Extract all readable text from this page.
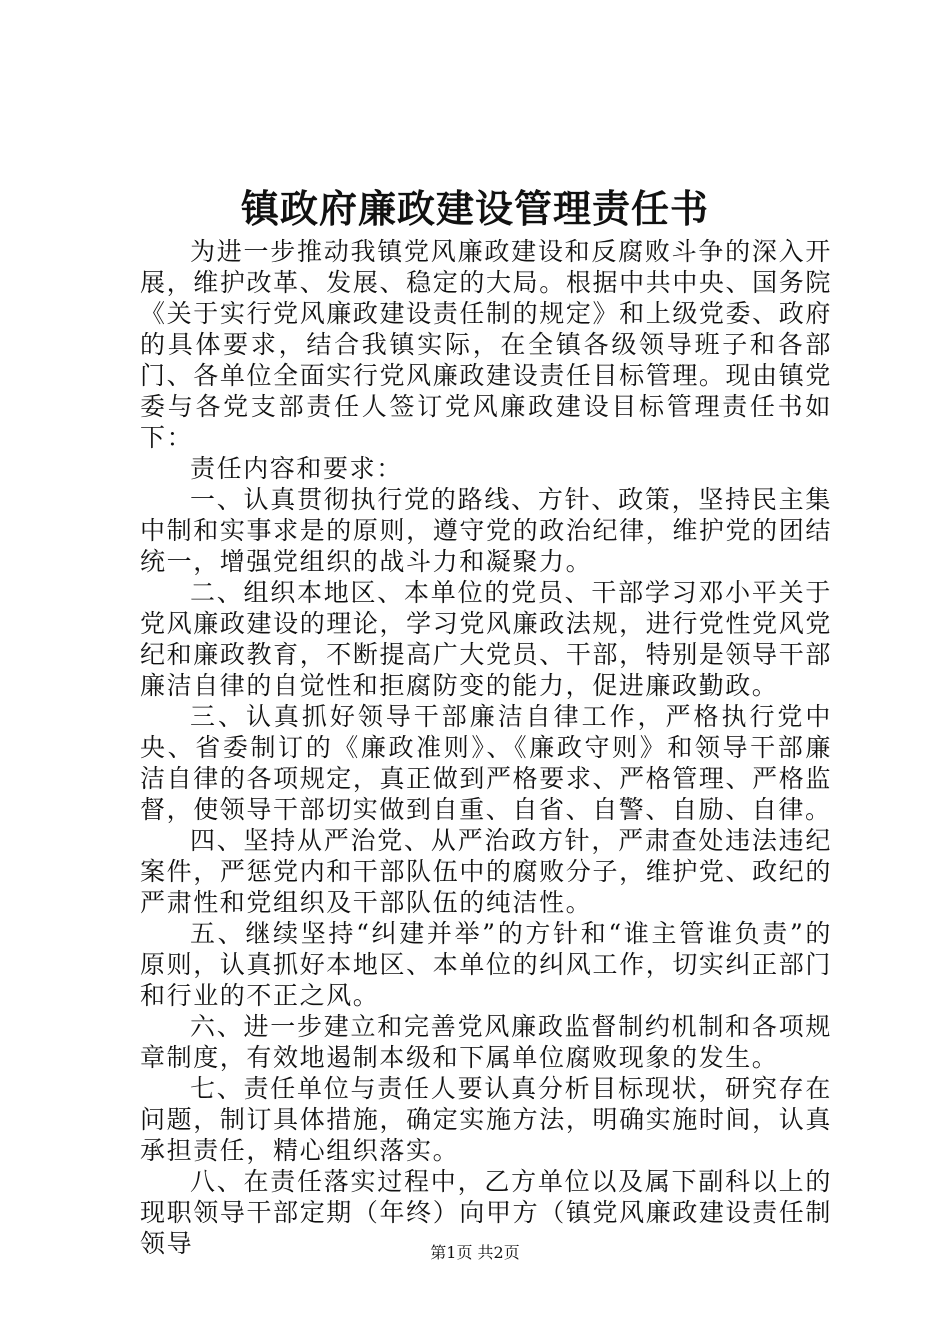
镇政府廉政建设管理责任书

为进一步推动我镇党风廉政建设和反腐败斗争的深入开展，维护改革、发展、稳定的大局。根据中共中央、国务院《关于实行党风廉政建设责任制的规定》和上级党委、政府的具体要求，结合我镇实际，在全镇各级领导班子和各部门、各单位全面实行党风廉政建设责任目标管理。现由镇党委与各党支部责任人签订党风廉政建设目标管理责任书如下：

责任内容和要求：

一、认真贯彻执行党的路线、方针、政策，坚持民主集中制和实事求是的原则，遵守党的政治纪律，维护党的团结统一，增强党组织的战斗力和凝聚力。

二、组织本地区、本单位的党员、干部学习邓小平关于党风廉政建设的理论，学习党风廉政法规，进行党性党风党纪和廉政教育，不断提高广大党员、干部，特别是领导干部廉洁自律的自觉性和拒腐防变的能力，促进廉政勤政。

三、认真抓好领导干部廉洁自律工作，严格执行党中央、省委制订的《廉政准则》、《廉政守则》和领导干部廉洁自律的各项规定，真正做到严格要求、严格管理、严格监督，使领导干部切实做到自重、自省、自警、自励、自律。

四、坚持从严治党、从严治政方针，严肃查处违法违纪案件，严惩党内和干部队伍中的腐败分子，维护党、政纪的严肃性和党组织及干部队伍的纯洁性。

五、继续坚持“纠建并举”的方针和“谁主管谁负责”的原则，认真抓好本地区、本单位的纠风工作，切实纠正部门和行业的不正之风。

六、进一步建立和完善党风廉政监督制约机制和各项规章制度，有效地遏制本级和下属单位腐败现象的发生。

七、责任单位与责任人要认真分析目标现状，研究存在问题，制订具体措施，确定实施方法，明确实施时间，认真承担责任，精心组织落实。

八、在责任落实过程中，乙方单位以及属下副科以上的现职领导干部定期（年终）向甲方（镇党风廉政建设责任制领导	第1页 共2页
